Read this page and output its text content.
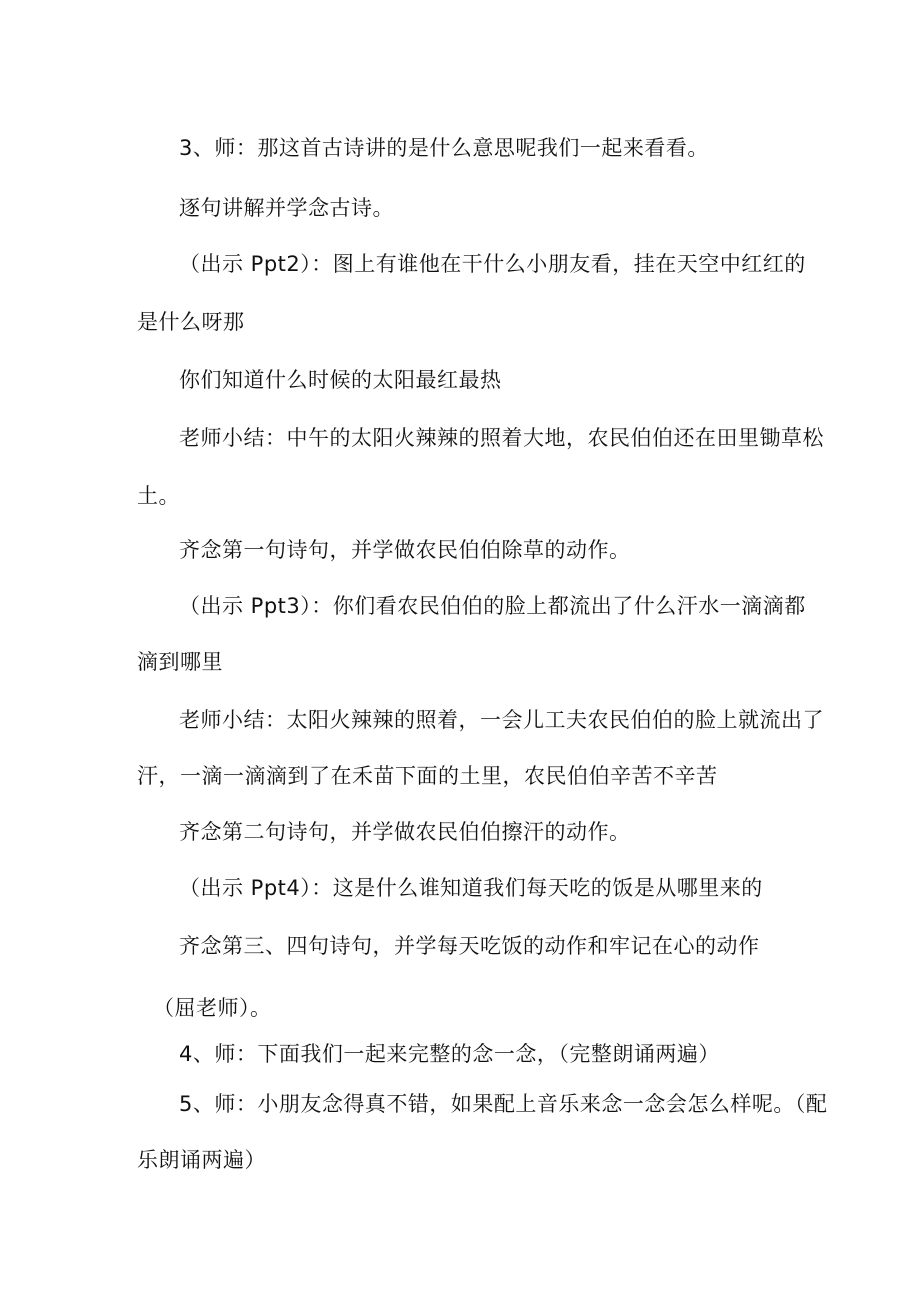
3、师：那这首古诗讲的是什么意思呢我们一起来看看。
逐句讲解并学念古诗。
（出示 Ppt2）：图上有谁他在干什么小朋友看，挂在天空中红红的
是什么呀那
你们知道什么时候的太阳最红最热
老师小结：中午的太阳火辣辣的照着大地，农民伯伯还在田里锄草松
土。
齐念第一句诗句，并学做农民伯伯除草的动作。
（出示 Ppt3）：你们看农民伯伯的脸上都流出了什么汗水一滴滴都
滴到哪里
老师小结：太阳火辣辣的照着，一会儿工夫农民伯伯的脸上就流出了
汗，一滴一滴滴到了在禾苗下面的土里，农民伯伯辛苦不辛苦
齐念第二句诗句，并学做农民伯伯擦汗的动作。
（出示 Ppt4）：这是什么谁知道我们每天吃的饭是从哪里来的
齐念第三、四句诗句，并学每天吃饭的动作和牢记在心的动作
（屈老师）。
4、师：下面我们一起来完整的念一念，（完整朗诵两遍）
5、师：小朋友念得真不错，如果配上音乐来念一念会怎么样呢。（配
乐朗诵两遍）
